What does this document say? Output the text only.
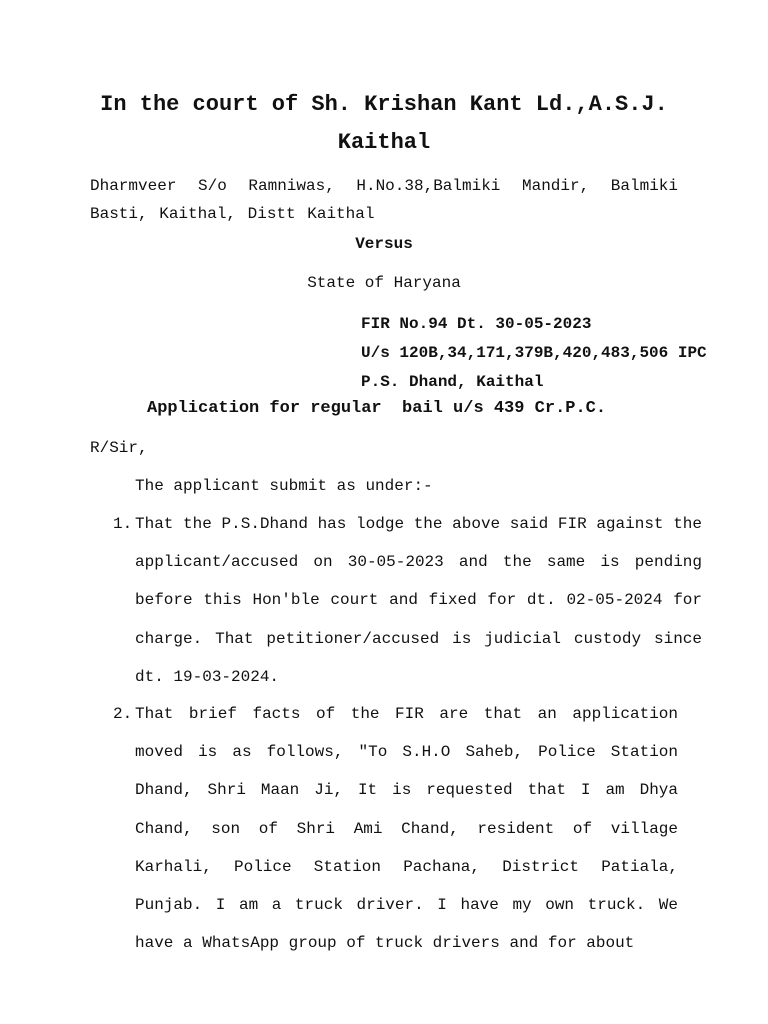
In the court of Sh. Krishan Kant Ld.,A.S.J.
Kaithal

Dharmveer S/o Ramniwas, H.No.38,Balmiki Mandir, Balmiki Basti, Kaithal, Distt Kaithal

Versus
State of Haryana
FIR No.94 Dt. 30-05-2023
U/s 120B,34,171,379B,420,483,506 IPC
P.S. Dhand, Kaithal
Application for regular  bail u/s 439 Cr.P.C.
R/Sir,
The applicant submit as under:-
1. That the P.S.Dhand has lodge the above said FIR against the applicant/accused on 30-05-2023 and the same is pending before this Hon'ble court and fixed for dt. 02-05-2024 for charge. That petitioner/accused is judicial custody since dt. 19-03-2024.
2. That brief facts of the FIR are that an application moved is as follows, "To S.H.O Saheb, Police Station Dhand, Shri Maan Ji, It is requested that I am Dhya Chand, son of Shri Ami Chand, resident of village Karhali, Police Station Pachana, District Patiala, Punjab. I am a truck driver. I have my own truck. We have a WhatsApp group of truck drivers and for about
